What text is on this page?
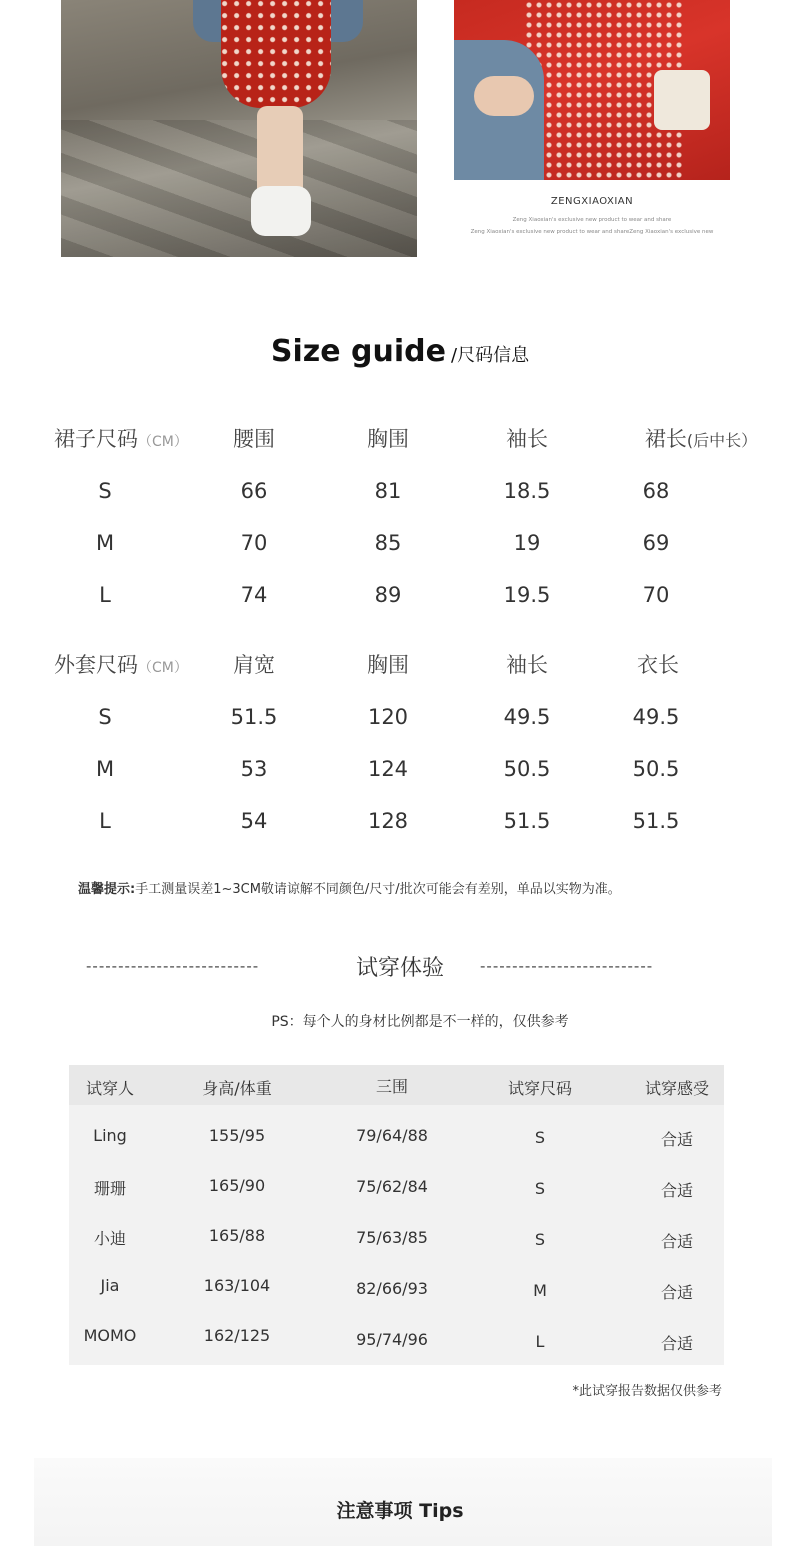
ZENGXIAOXIAN
Zeng Xiaoxian's exclusive new product to wear and share
Zeng Xiaoxian's exclusive new product to wear and shareZeng Xiaoxian's exclusive new
Size guide /尺码信息
裙子尺码（CM） 腰围	胸围	袖长	裙长(后中长）
S	66	81	18.5	68
M	70	85	19	69
L	74	89	19.5	70
外套尺码（CM） 肩宽	胸围	袖长	衣长
S	51.5	120	49.5	49.5
M	53	124	50.5	50.5
L	54	128	51.5	51.5
温馨提示:手工测量误差1~3CM敬请谅解不同颜色/尺寸/批次可能会有差别，单品以实物为准。
---------------------------	试穿体验	---------------------------
PS：每个人的身材比例都是不一样的，仅供参考
试穿人	身高/体重	三围	试穿尺码	试穿感受
Ling	155/95	79/64/88	S	合适
珊珊	165/90	75/62/84	S	合适
小迪	165/88	75/63/85	S	合适
Jia	163/104	82/66/93	M	合适
MOMO	162/125	95/74/96	L	合适
*此试穿报告数据仅供参考
注意事项 Tips
